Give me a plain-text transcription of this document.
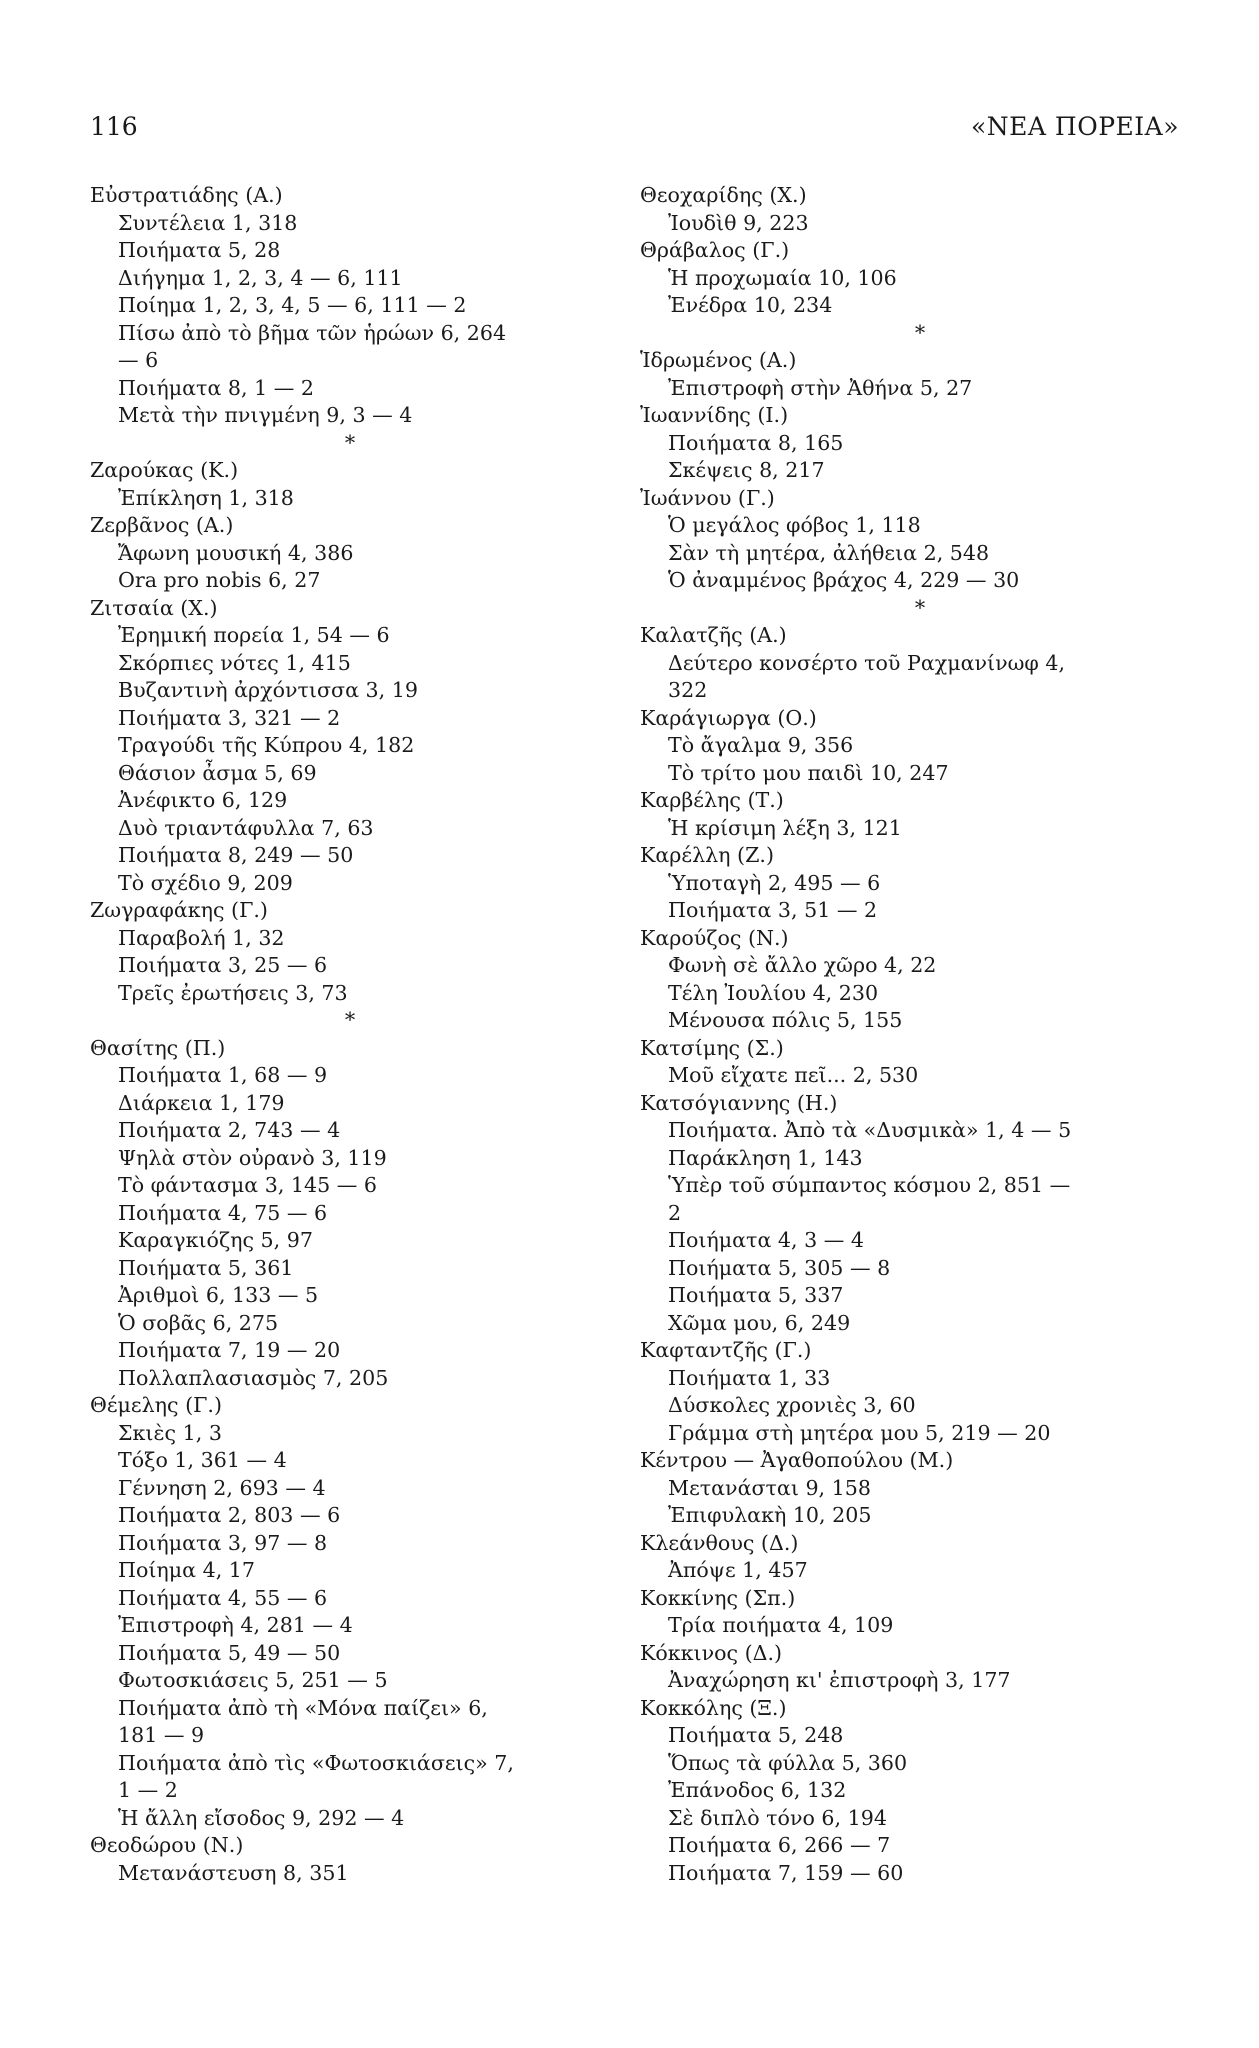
116	«ΝΕΑ ΠΟΡΕΙΑ»
Εὐστρατιάδης (Α.)
Συντέλεια 1, 318
Ποιήματα 5, 28
Διήγημα 1, 2, 3, 4 — 6, 111
Ποίημα 1, 2, 3, 4, 5 — 6, 111 — 2
Πίσω ἀπὸ τὸ βῆμα τῶν ἡρώων 6, 264
— 6
Ποιήματα 8, 1 — 2
Μετὰ τὴν πνιγμένη 9, 3 — 4
*
Ζαρούκας (Κ.)
Ἐπίκληση 1, 318
Ζερβᾶνος (Α.)
Ἄφωνη μουσική 4, 386
Ora pro nobis 6, 27
Ζιτσαία (Χ.)
Ἐρημική πορεία 1, 54 — 6
Σκόρπιες νότες 1, 415
Βυζαντινὴ ἀρχόντισσα 3, 19
Ποιήματα 3, 321 — 2
Τραγούδι τῆς Κύπρου 4, 182
Θάσιον ἆσμα 5, 69
Ἀνέφικτο 6, 129
Δυὸ τριαντάφυλλα 7, 63
Ποιήματα 8, 249 — 50
Τὸ σχέδιο 9, 209
Ζωγραφάκης (Γ.)
Παραβολή 1, 32
Ποιήματα 3, 25 — 6
Τρεῖς ἐρωτήσεις 3, 73
*
Θασίτης (Π.)
Ποιήματα 1, 68 — 9
Διάρκεια 1, 179
Ποιήματα 2, 743 — 4
Ψηλὰ στὸν οὐρανὸ 3, 119
Τὸ φάντασμα 3, 145 — 6
Ποιήματα 4, 75 — 6
Καραγκιόζης 5, 97
Ποιήματα 5, 361
Ἀριθμοὶ 6, 133 — 5
Ὁ σοβᾶς 6, 275
Ποιήματα 7, 19 — 20
Πολλαπλασιασμὸς 7, 205
Θέμελης (Γ.)
Σκιὲς 1, 3
Τόξο 1, 361 — 4
Γέννηση 2, 693 — 4
Ποιήματα 2, 803 — 6
Ποιήματα 3, 97 — 8
Ποίημα 4, 17
Ποιήματα 4, 55 — 6
Ἐπιστροφὴ 4, 281 — 4
Ποιήματα 5, 49 — 50
Φωτοσκιάσεις 5, 251 — 5
Ποιήματα ἀπὸ τὴ «Μόνα παίζει» 6,
181 — 9
Ποιήματα ἀπὸ τὶς «Φωτοσκιάσεις» 7,
1 — 2
Ἡ ἄλλη εἴσοδος 9, 292 — 4
Θεοδώρου (Ν.)
Μετανάστευση 8, 351
Θεοχαρίδης (Χ.)
Ἰουδὶθ 9, 223
Θράβαλος (Γ.)
Ἡ προχωμαία 10, 106
Ἐνέδρα 10, 234
*
Ἱδρωμένος (Α.)
Ἐπιστροφὴ στὴν Ἀθήνα 5, 27
Ἰωαννίδης (Ι.)
Ποιήματα 8, 165
Σκέψεις 8, 217
Ἰωάννου (Γ.)
Ὁ μεγάλος φόβος 1, 118
Σὰν τὴ μητέρα, ἀλήθεια 2, 548
Ὁ ἀναμμένος βράχος 4, 229 — 30
*
Καλατζῆς (Α.)
Δεύτερο κονσέρτο τοῦ Ραχμανίνωφ 4,
322
Καράγιωργα (Ο.)
Τὸ ἄγαλμα 9, 356
Τὸ τρίτο μου παιδὶ 10, 247
Καρβέλης (Τ.)
Ἡ κρίσιμη λέξη 3, 121
Καρέλλη (Ζ.)
Ὑποταγὴ 2, 495 — 6
Ποιήματα 3, 51 — 2
Καρούζος (Ν.)
Φωνὴ σὲ ἄλλο χῶρο 4, 22
Τέλη Ἰουλίου 4, 230
Μένουσα πόλις 5, 155
Κατσίμης (Σ.)
Μοῦ εἴχατε πεῖ... 2, 530
Κατσόγιαννης (Η.)
Ποιήματα. Ἀπὸ τὰ «Δυσμικὰ» 1, 4 — 5
Παράκληση 1, 143
Ὑπὲρ τοῦ σύμπαντος κόσμου 2, 851 —
2
Ποιήματα 4, 3 — 4
Ποιήματα 5, 305 — 8
Ποιήματα 5, 337
Χῶμα μου, 6, 249
Καφταντζῆς (Γ.)
Ποιήματα 1, 33
Δύσκολες χρονιὲς 3, 60
Γράμμα στὴ μητέρα μου 5, 219 — 20
Κέντρου — Ἀγαθοπούλου (Μ.)
Μετανάσται 9, 158
Ἐπιφυλακὴ 10, 205
Κλεάνθους (Δ.)
Ἀπόψε 1, 457
Κοκκίνης (Σπ.)
Τρία ποιήματα 4, 109
Κόκκινος (Δ.)
Ἀναχώρηση κι' ἐπιστροφὴ 3, 177
Κοκκόλης (Ξ.)
Ποιήματα 5, 248
Ὅπως τὰ φύλλα 5, 360
Ἐπάνοδος 6, 132
Σὲ διπλὸ τόνο 6, 194
Ποιήματα 6, 266 — 7
Ποιήματα 7, 159 — 60
